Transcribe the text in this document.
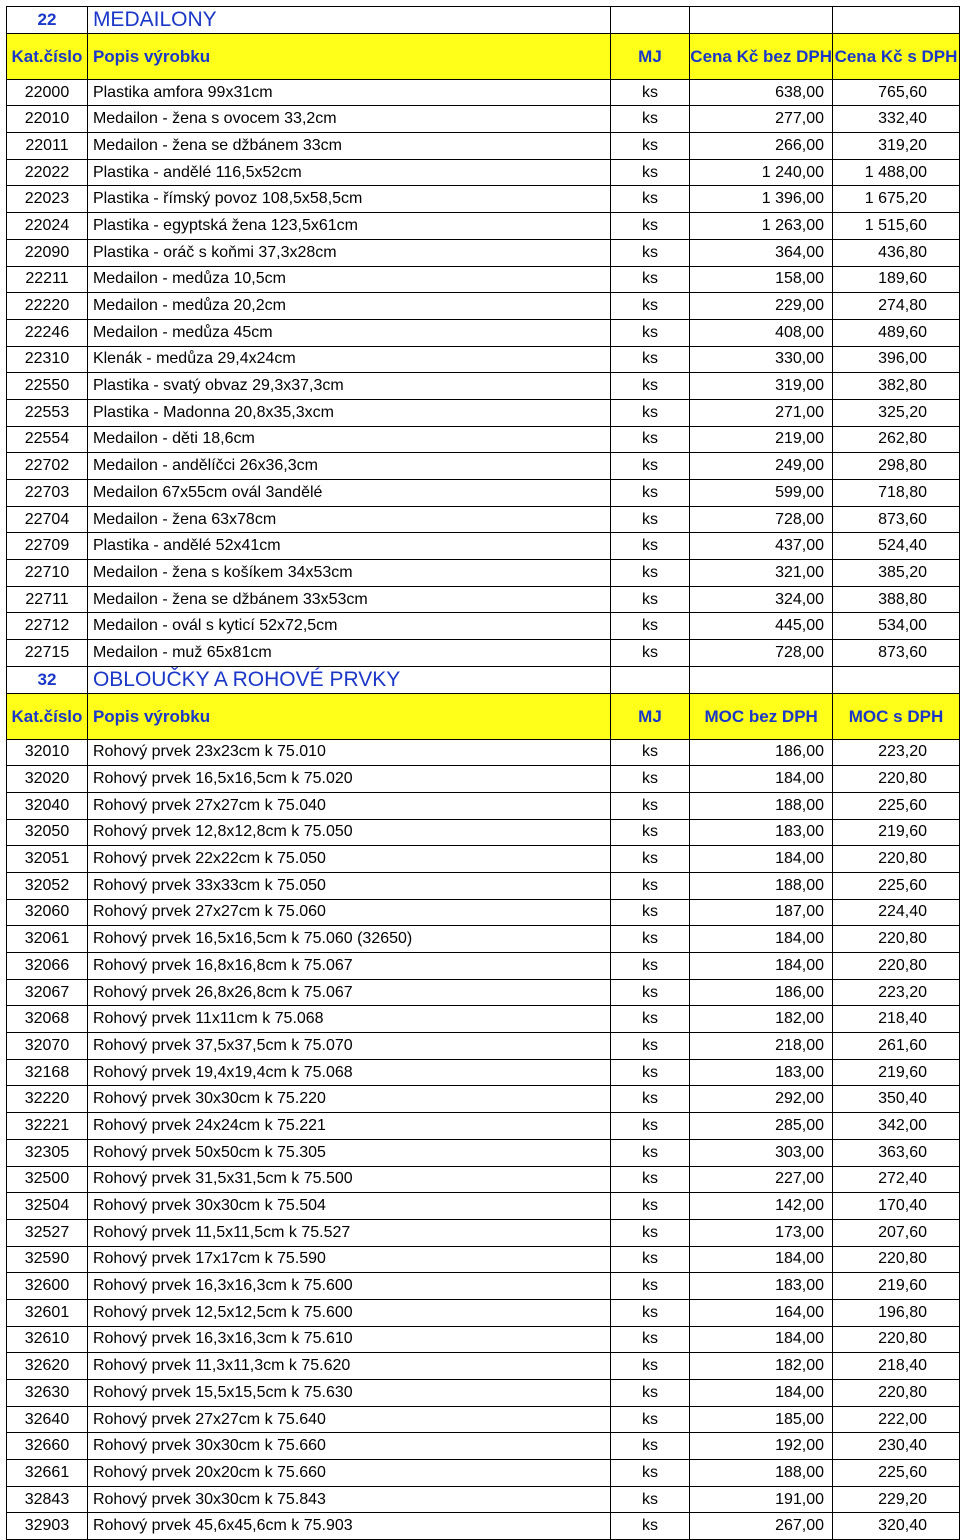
22	MEDAILONY			
Kat.číslo	Popis výrobku	MJ	Cena Kč bez DPH	Cena Kč s DPH
22000	Plastika amfora 99x31cm	ks	638,00	765,60
22010	Medailon - žena s ovocem 33,2cm	ks	277,00	332,40
22011	Medailon - žena se džbánem 33cm	ks	266,00	319,20
22022	Plastika - andělé 116,5x52cm	ks	1 240,00	1 488,00
22023	Plastika - římský povoz 108,5x58,5cm	ks	1 396,00	1 675,20
22024	Plastika - egyptská žena 123,5x61cm	ks	1 263,00	1 515,60
22090	Plastika - oráč s koňmi 37,3x28cm	ks	364,00	436,80
22211	Medailon - medůza 10,5cm	ks	158,00	189,60
22220	Medailon - medůza 20,2cm	ks	229,00	274,80
22246	Medailon - medůza 45cm	ks	408,00	489,60
22310	Klenák - medůza 29,4x24cm	ks	330,00	396,00
22550	Plastika - svatý obvaz 29,3x37,3cm	ks	319,00	382,80
22553	Plastika - Madonna 20,8x35,3xcm	ks	271,00	325,20
22554	Medailon - děti 18,6cm	ks	219,00	262,80
22702	Medailon - andělíčci 26x36,3cm	ks	249,00	298,80
22703	Medailon 67x55cm ovál 3andělé	ks	599,00	718,80
22704	Medailon - žena 63x78cm	ks	728,00	873,60
22709	Plastika - andělé 52x41cm	ks	437,00	524,40
22710	Medailon - žena s košíkem 34x53cm	ks	321,00	385,20
22711	Medailon - žena se džbánem 33x53cm	ks	324,00	388,80
22712	Medailon - ovál s kyticí 52x72,5cm	ks	445,00	534,00
22715	Medailon - muž 65x81cm	ks	728,00	873,60
32	OBLOUČKY A ROHOVÉ PRVKY			
Kat.číslo	Popis výrobku	MJ	MOC bez DPH	MOC s DPH
32010	Rohový prvek 23x23cm k 75.010	ks	186,00	223,20
32020	Rohový prvek 16,5x16,5cm k 75.020	ks	184,00	220,80
32040	Rohový prvek 27x27cm k 75.040	ks	188,00	225,60
32050	Rohový prvek 12,8x12,8cm k 75.050	ks	183,00	219,60
32051	Rohový prvek 22x22cm k 75.050	ks	184,00	220,80
32052	Rohový prvek 33x33cm k 75.050	ks	188,00	225,60
32060	Rohový prvek 27x27cm k 75.060	ks	187,00	224,40
32061	Rohový prvek 16,5x16,5cm k 75.060 (32650)	ks	184,00	220,80
32066	Rohový prvek 16,8x16,8cm k 75.067	ks	184,00	220,80
32067	Rohový prvek 26,8x26,8cm k 75.067	ks	186,00	223,20
32068	Rohový prvek 11x11cm k 75.068	ks	182,00	218,40
32070	Rohový prvek 37,5x37,5cm k 75.070	ks	218,00	261,60
32168	Rohový prvek 19,4x19,4cm k 75.068	ks	183,00	219,60
32220	Rohový prvek 30x30cm k 75.220	ks	292,00	350,40
32221	Rohový prvek 24x24cm k 75.221	ks	285,00	342,00
32305	Rohový prvek 50x50cm k 75.305	ks	303,00	363,60
32500	Rohový prvek 31,5x31,5cm k 75.500	ks	227,00	272,40
32504	Rohový prvek 30x30cm k 75.504	ks	142,00	170,40
32527	Rohový prvek 11,5x11,5cm k 75.527	ks	173,00	207,60
32590	Rohový prvek 17x17cm k 75.590	ks	184,00	220,80
32600	Rohový prvek 16,3x16,3cm k 75.600	ks	183,00	219,60
32601	Rohový prvek 12,5x12,5cm k 75.600	ks	164,00	196,80
32610	Rohový prvek 16,3x16,3cm k 75.610	ks	184,00	220,80
32620	Rohový prvek 11,3x11,3cm k 75.620	ks	182,00	218,40
32630	Rohový prvek 15,5x15,5cm k 75.630	ks	184,00	220,80
32640	Rohový prvek 27x27cm k 75.640	ks	185,00	222,00
32660	Rohový prvek 30x30cm k 75.660	ks	192,00	230,40
32661	Rohový prvek 20x20cm k 75.660	ks	188,00	225,60
32843	Rohový prvek 30x30cm k 75.843	ks	191,00	229,20
32903	Rohový prvek 45,6x45,6cm k 75.903	ks	267,00	320,40
